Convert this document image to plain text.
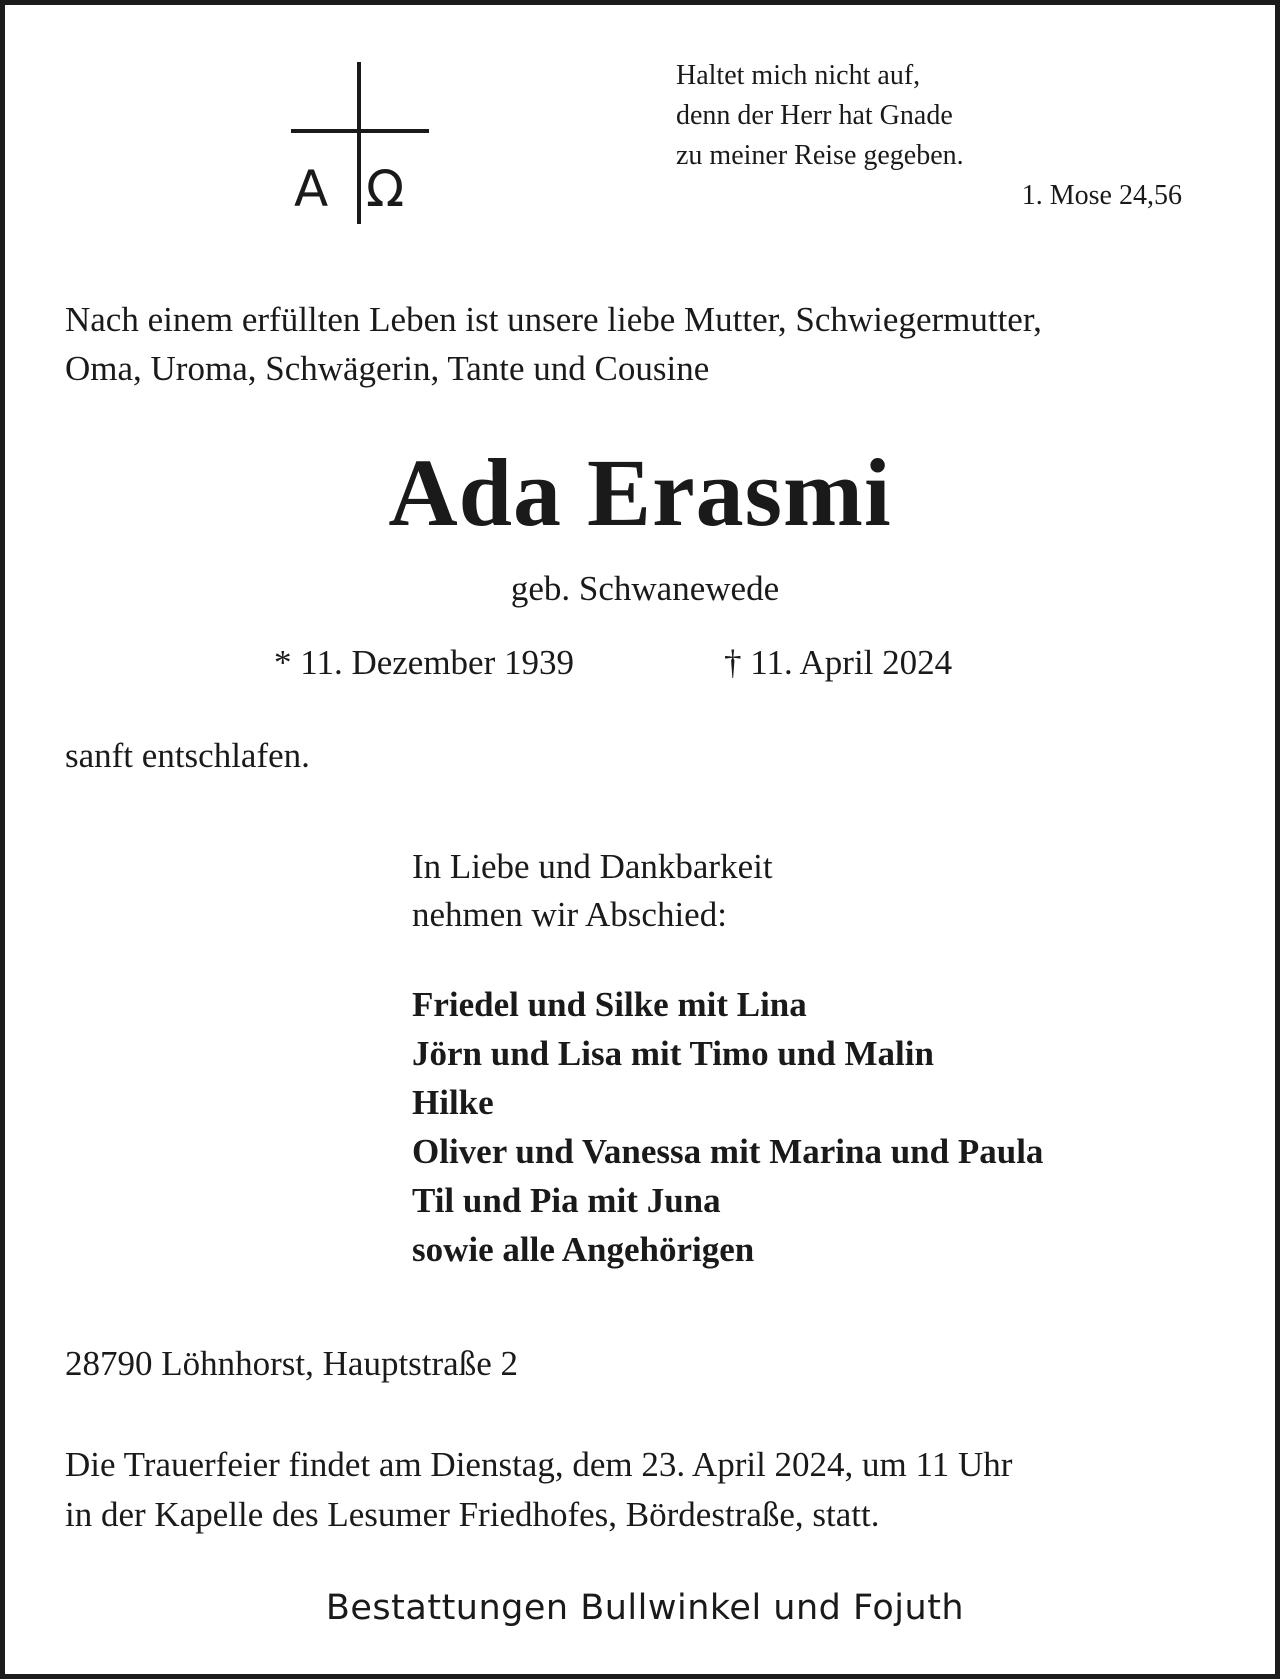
A Ω
Haltet mich nicht auf,
denn der Herr hat Gnade
zu meiner Reise gegeben.
1. Mose 24,56
Nach einem erfüllten Leben ist unsere liebe Mutter, Schwiegermutter,
Oma, Uroma, Schwägerin, Tante und Cousine
Ada Erasmi
geb. Schwanewede
* 11. Dezember 1939	† 11. April 2024
sanft entschlafen.
In Liebe und Dankbarkeit
nehmen wir Abschied:
Friedel und Silke mit Lina
Jörn und Lisa mit Timo und Malin
Hilke
Oliver und Vanessa mit Marina und Paula
Til und Pia mit Juna
sowie alle Angehörigen
28790 Löhnhorst, Hauptstraße 2
Die Trauerfeier findet am Dienstag, dem 23. April 2024, um 11 Uhr
in der Kapelle des Lesumer Friedhofes, Bördestraße, statt.
Bestattungen Bullwinkel und Fojuth
